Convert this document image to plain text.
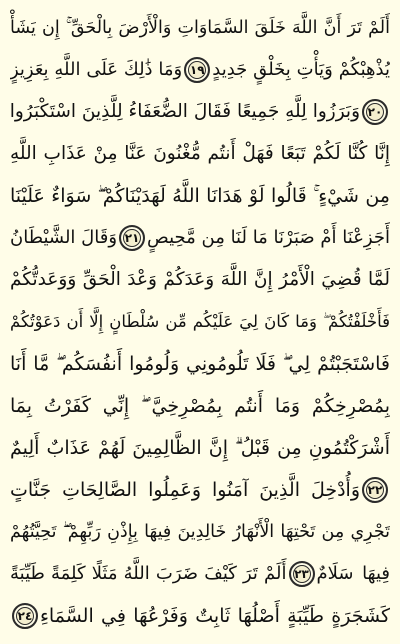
أَلَمْ تَرَ أَنَّ اللَّهَ خَلَقَ السَّمَاوَاتِ وَالْأَرْضَ بِالْحَقِّ ۚ إِن يَشَأْ
يُذْهِبْكُمْ وَيَأْتِ بِخَلْقٍ جَدِيدٍ
١٩
وَمَا ذَٰلِكَ عَلَى اللَّهِ بِعَزِيزٍ
٢٠
وَبَرَزُوا لِلَّهِ جَمِيعًا فَقَالَ الضُّعَفَاءُ لِلَّذِينَ اسْتَكْبَرُوا
إِنَّا كُنَّا لَكُمْ تَبَعًا فَهَلْ أَنتُم مُّغْنُونَ عَنَّا مِنْ عَذَابِ اللَّهِ
مِن شَيْءٍ ۚ قَالُوا لَوْ هَدَانَا اللَّهُ لَهَدَيْنَاكُمْ ۖ سَوَاءٌ عَلَيْنَا
أَجَزِعْنَا أَمْ صَبَرْنَا مَا لَنَا مِن مَّحِيصٍ
٢١
وَقَالَ الشَّيْطَانُ
لَمَّا قُضِيَ الْأَمْرُ إِنَّ اللَّهَ وَعَدَكُمْ وَعْدَ الْحَقِّ وَوَعَدتُّكُمْ
فَأَخْلَفْتُكُمْ ۖ وَمَا كَانَ لِيَ عَلَيْكُم مِّن سُلْطَانٍ إِلَّا أَن دَعَوْتُكُمْ
فَاسْتَجَبْتُمْ لِي ۖ فَلَا تَلُومُونِي وَلُومُوا أَنفُسَكُم ۖ مَّا أَنَا
بِمُصْرِخِكُمْ وَمَا أَنتُم بِمُصْرِخِيَّ ۖ إِنِّي كَفَرْتُ بِمَا
أَشْرَكْتُمُونِ مِن قَبْلُ ۗ إِنَّ الظَّالِمِينَ لَهُمْ عَذَابٌ أَلِيمٌ
٢٢
وَأُدْخِلَ الَّذِينَ آمَنُوا وَعَمِلُوا الصَّالِحَاتِ جَنَّاتٍ
تَجْرِي مِن تَحْتِهَا الْأَنْهَارُ خَالِدِينَ فِيهَا بِإِذْنِ رَبِّهِمْ ۖ تَحِيَّتُهُمْ
فِيهَا سَلَامٌ
٢٣
أَلَمْ تَرَ كَيْفَ ضَرَبَ اللَّهُ مَثَلًا كَلِمَةً طَيِّبَةً
كَشَجَرَةٍ طَيِّبَةٍ أَصْلُهَا ثَابِتٌ وَفَرْعُهَا فِي السَّمَاءِ
٢٤
